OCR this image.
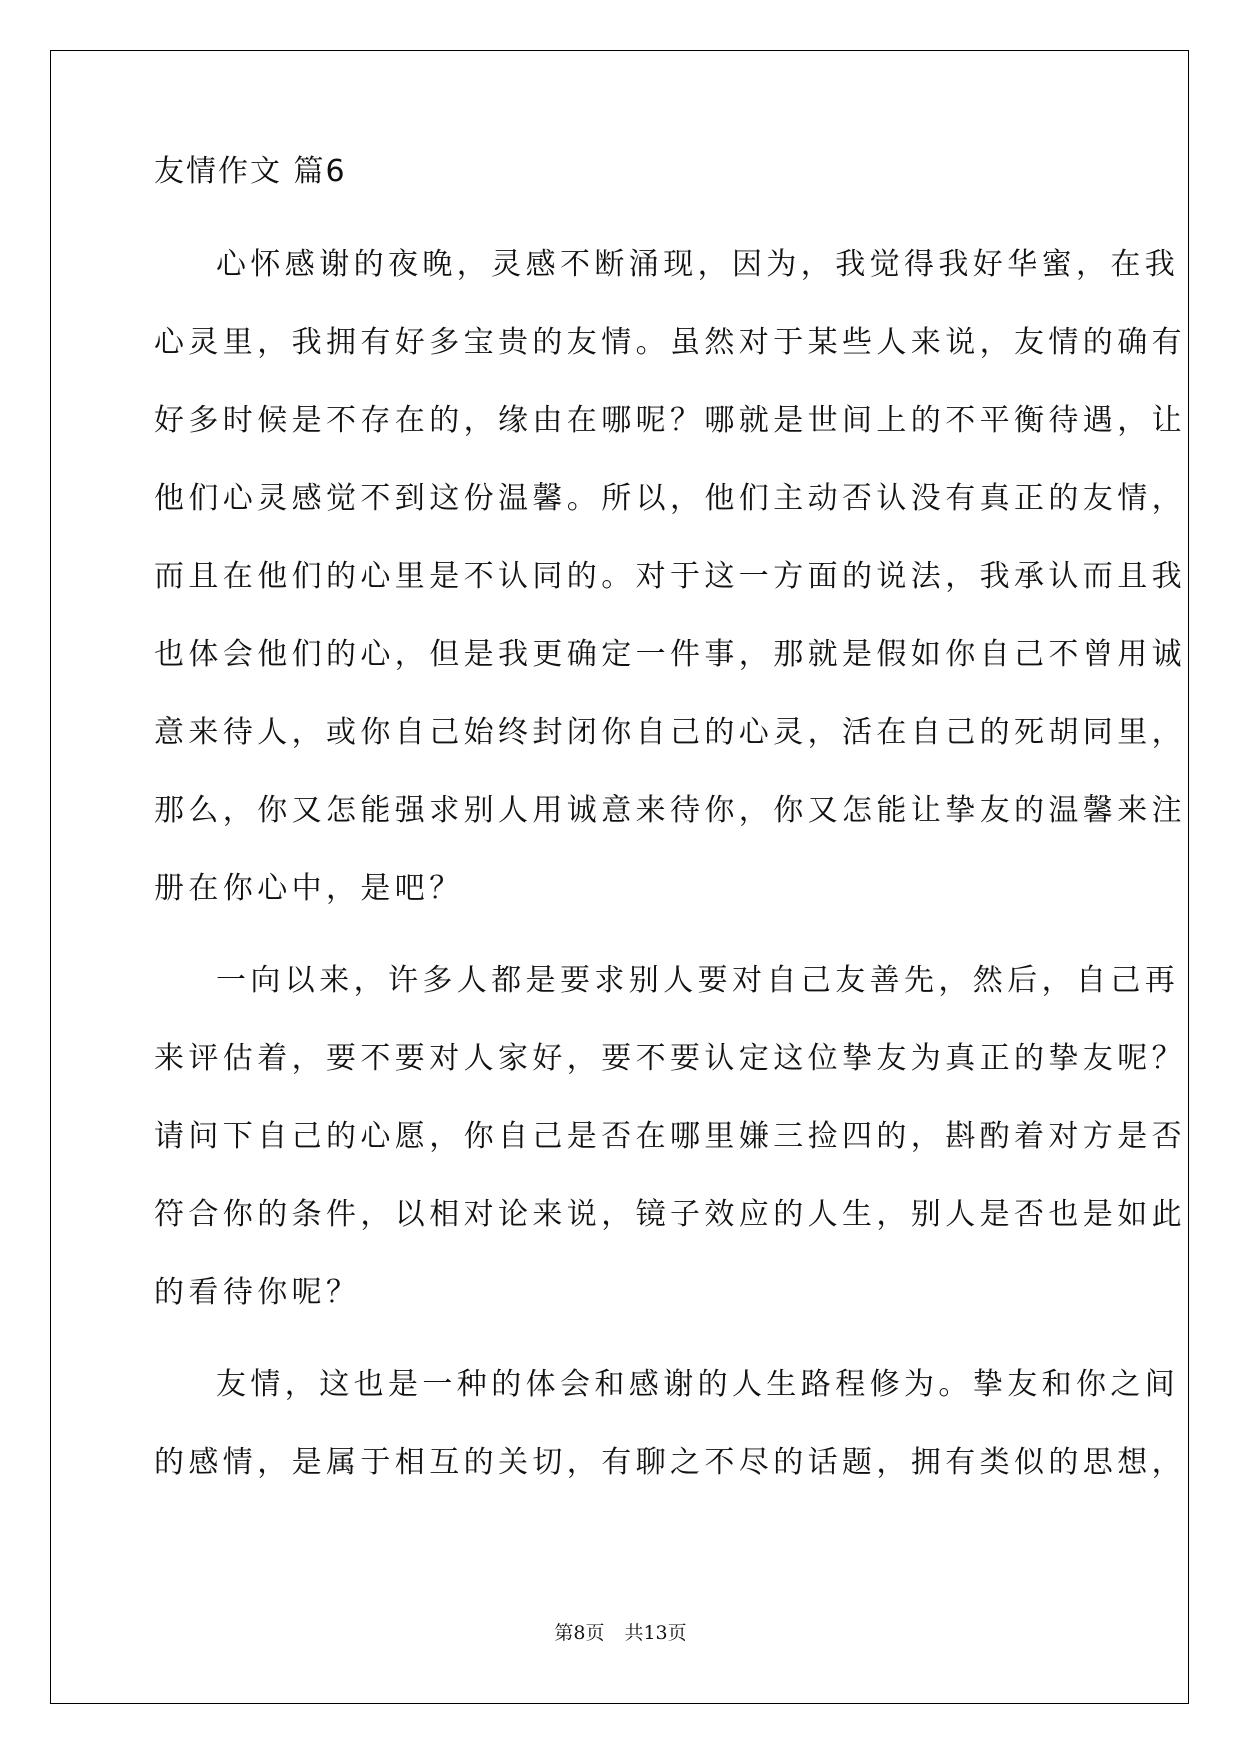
友情作文 篇6
心怀感谢的夜晚，灵感不断涌现，因为，我觉得我好华蜜，在我
心灵里，我拥有好多宝贵的友情。虽然对于某些人来说，友情的确有
好多时候是不存在的，缘由在哪呢？哪就是世间上的不平衡待遇，让
他们心灵感觉不到这份温馨。所以，他们主动否认没有真正的友情，
而且在他们的心里是不认同的。对于这一方面的说法，我承认而且我
也体会他们的心，但是我更确定一件事，那就是假如你自己不曾用诚
意来待人，或你自己始终封闭你自己的心灵，活在自己的死胡同里，
那么，你又怎能强求别人用诚意来待你，你又怎能让挚友的温馨来注
册在你心中，是吧？
一向以来，许多人都是要求别人要对自己友善先，然后，自己再
来评估着，要不要对人家好，要不要认定这位挚友为真正的挚友呢？
请问下自己的心愿，你自己是否在哪里嫌三捡四的，斟酌着对方是否
符合你的条件，以相对论来说，镜子效应的人生，别人是否也是如此
的看待你呢？
友情，这也是一种的体会和感谢的人生路程修为。挚友和你之间
的感情，是属于相互的关切，有聊之不尽的话题，拥有类似的思想，
第8页 共13页
